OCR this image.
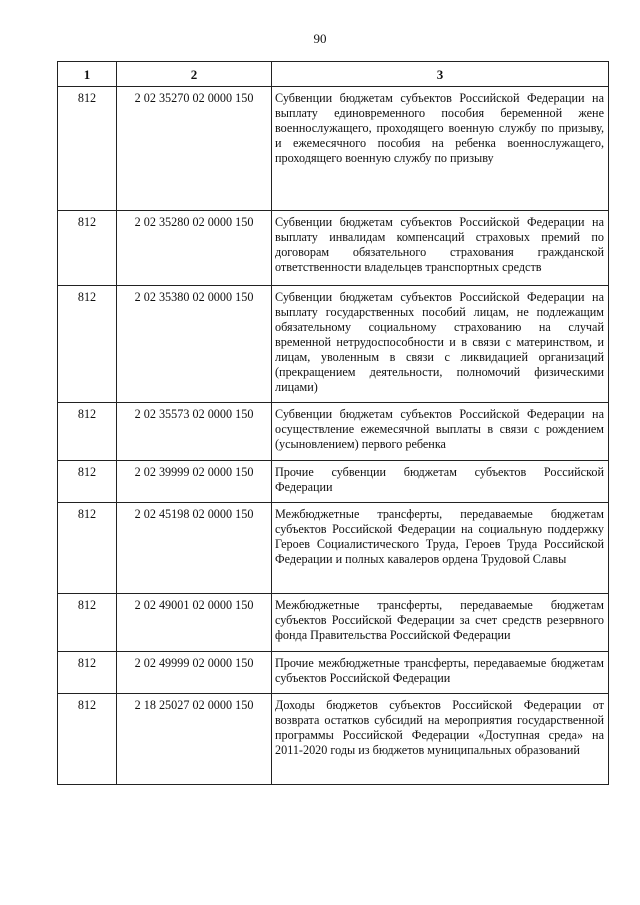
90
1	2	3
812	2 02 35270 02 0000 150	Субвенции бюджетам субъектов Российской Федерации на выплату единовременного пособия беременной жене военнослужащего, проходящего военную службу по призыву, и ежемесячного пособия на ребенка военнослужащего, проходящего военную службу по призыву
812	2 02 35280 02 0000 150	Субвенции бюджетам субъектов Российской Федерации на выплату инвалидам компенсаций страховых премий по договорам обязательного страхования гражданской ответственности владельцев транспортных средств
812	2 02 35380 02 0000 150	Субвенции бюджетам субъектов Российской Федерации на выплату государственных пособий лицам, не подлежащим обязательному социальному страхованию на случай временной нетрудоспособности и в связи с материнством, и лицам, уволенным в связи с ликвидацией организаций (прекращением деятельности, полномочий физическими лицами)
812	2 02 35573 02 0000 150	Субвенции бюджетам субъектов Российской Федерации на осуществление ежемесячной выплаты в связи с рождением (усыновлением) первого ребенка
812	2 02 39999 02 0000 150	Прочие субвенции бюджетам субъектов Российской Федерации
812	2 02 45198 02 0000 150	Межбюджетные трансферты, передаваемые бюджетам субъектов Российской Федерации на социальную поддержку Героев Социалистического Труда, Героев Труда Российской Федерации и полных кавалеров ордена Трудовой Славы
812	2 02 49001 02 0000 150	Межбюджетные трансферты, передаваемые бюджетам субъектов Российской Федерации за счет средств резервного фонда Правительства Российской Федерации
812	2 02 49999 02 0000 150	Прочие межбюджетные трансферты, передаваемые бюджетам субъектов Российской Федерации
812	2 18 25027 02 0000 150	Доходы бюджетов субъектов Российской Федерации от возврата остатков субсидий на мероприятия государственной программы Российской Федерации «Доступная среда» на 2011-2020 годы из бюджетов муниципальных образований
